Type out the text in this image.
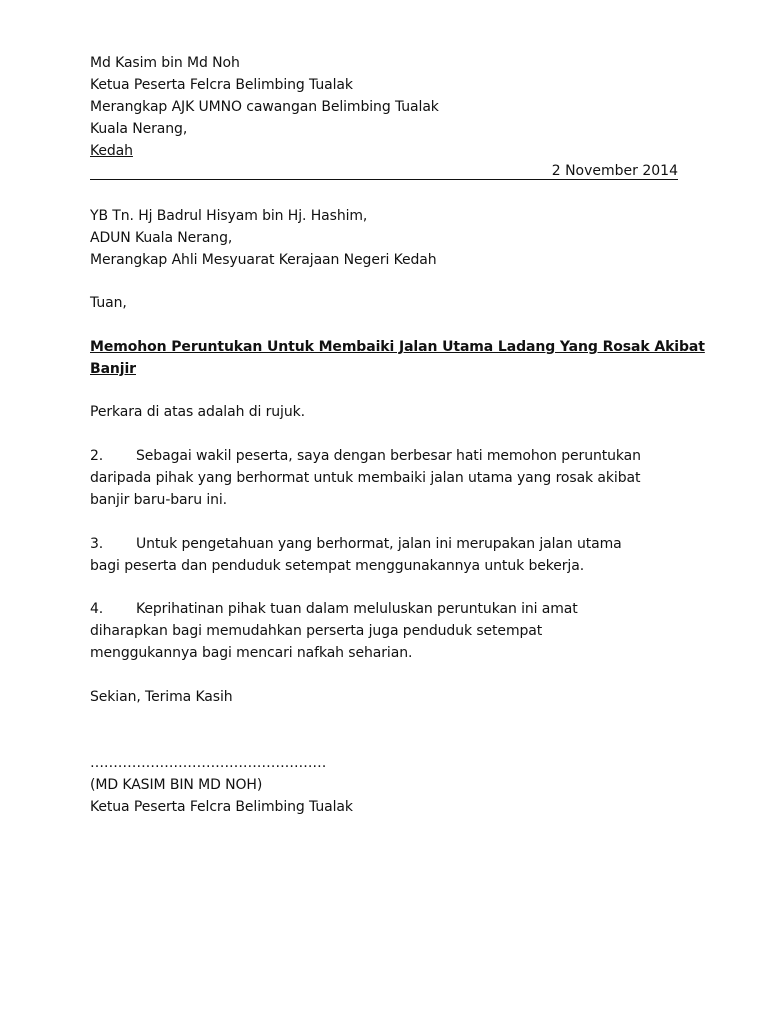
Md Kasim bin Md Noh
Ketua Peserta Felcra Belimbing Tualak
Merangkap AJK UMNO cawangan Belimbing Tualak
Kuala Nerang,
Kedah
2 November 2014
YB Tn. Hj Badrul Hisyam bin Hj. Hashim,
ADUN Kuala Nerang,
Merangkap Ahli Mesyuarat Kerajaan Negeri Kedah
Tuan,
Memohon Peruntukan Untuk Membaiki Jalan Utama Ladang Yang Rosak Akibat
Banjir
Perkara di atas adalah di rujuk.
2. Sebagai wakil peserta, saya dengan berbesar hati memohon peruntukan
daripada pihak yang berhormat untuk membaiki jalan utama yang rosak akibat
banjir baru-baru ini.
3. Untuk pengetahuan yang berhormat, jalan ini merupakan jalan utama
bagi peserta dan penduduk setempat menggunakannya untuk bekerja.
4. Keprihatinan pihak tuan dalam meluluskan peruntukan ini amat
diharapkan bagi memudahkan perserta juga penduduk setempat
menggukannya bagi mencari nafkah seharian.
Sekian, Terima Kasih
……………………………………………
(MD KASIM BIN MD NOH)
Ketua Peserta Felcra Belimbing Tualak
